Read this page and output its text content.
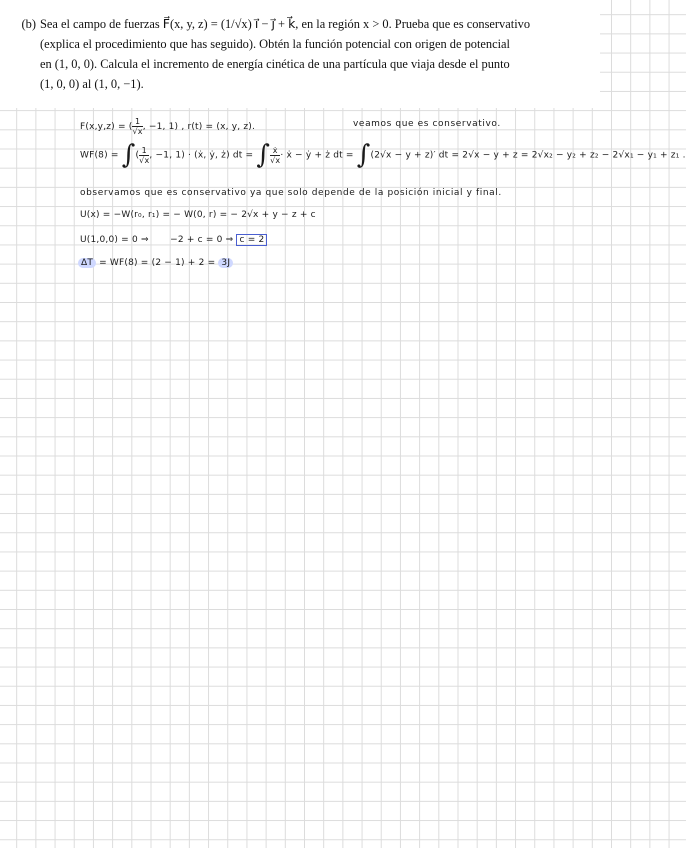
(b) Sea el campo de fuerzas F⃗(x, y, z) = (1/√x) i⃗ − j⃗ + k⃗, en la región x > 0. Prueba que es conservativo
(explica el procedimiento que has seguido). Obtén la función potencial con origen de potencial
en (1, 0, 0). Calcula el incremento de energía cinética de una partícula que viaja desde el punto
(1, 0, 0) al (1, 0, −1).
F(x,y,z) = ( $\frac{1}{√x}$ , −1, 1) , r(t) = (x, y, z).	veamos que es conservativo.
WF(8) = ∫( $\frac{1}{√x}$ , −1, 1) · (ẋ, ẏ, ż) dt = ∫ $\frac{\text{ẋ}}{√x}$ · ẋ − ẏ + ż dt = ∫(2√x − y + z)′ dt = 2√x − y + z = 2√x₂ − y₂ + z₂ − 2√x₁ − y₁ + z₁ .
observamos que es conservativo ya que solo depende de la posición inicial y final.
U(x) = −W(r₀, r₁) = − W(0, r) = − 2√x + y − z + c
U(1,0,0) = 0 ⇒ −2 + c = 0 ⇒ c = 2
ΔT = WF(8) = (2 − 1) + 2 = 3J
